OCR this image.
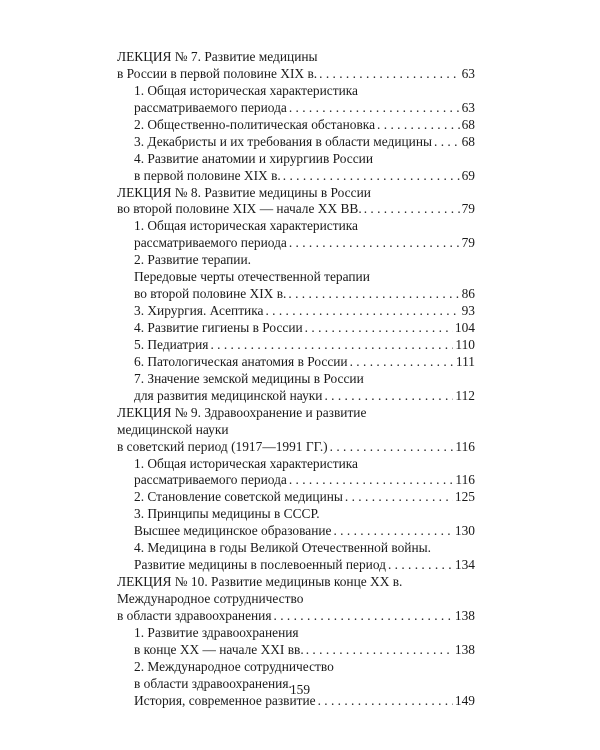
ЛЕКЦИЯ № 7. Развитие медицины
в России в первой половине XIX в. . . .	63
1. Общая историческая характеристика
рассматриваемого периода . . .	63
2. Общественно-политическая обстановка . . .	68
3. Декабристы и их требования в области медицины . . . 68
4. Развитие анатомии и хирургиив России
в первой половине XIX в. . . .	69
ЛЕКЦИЯ № 8. Развитие медицины в России
во второй половине XIX — начале XX ВВ. . . .	79
1. Общая историческая характеристика
рассматриваемого периода . . .	79
2. Развитие терапии.
Передовые черты отечественной терапии
во второй половине XIX в. . . .	86
3. Хирургия. Асептика . . .	93
4. Развитие гигиены в России . . .	104
5. Педиатрия . . .	110
6. Патологическая анатомия в России . . .	111
7. Значение земской медицины в России
для развития медицинской науки . . .	112
ЛЕКЦИЯ № 9. Здравоохранение и развитие
медицинской науки
в советский период (1917—1991 ГГ.) . . .	116
1. Общая историческая характеристика
рассматриваемого периода . . .	116
2. Становление советской медицины . . .	125
3. Принципы медицины в СССР.
Высшее медицинское образование . . .	130
4. Медицина в годы Великой Отечественной войны.
Развитие медицины в послевоенный период . . .	134
ЛЕКЦИЯ № 10. Развитие медициныв конце XX в.
Международное сотрудничество
в области здравоохранения . . .	138
1. Развитие здравоохранения
в конце XX — начале XXI вв. . . .	138
2. Международное сотрудничество
в области здравоохранения.
История, современное развитие . . .	149
159
